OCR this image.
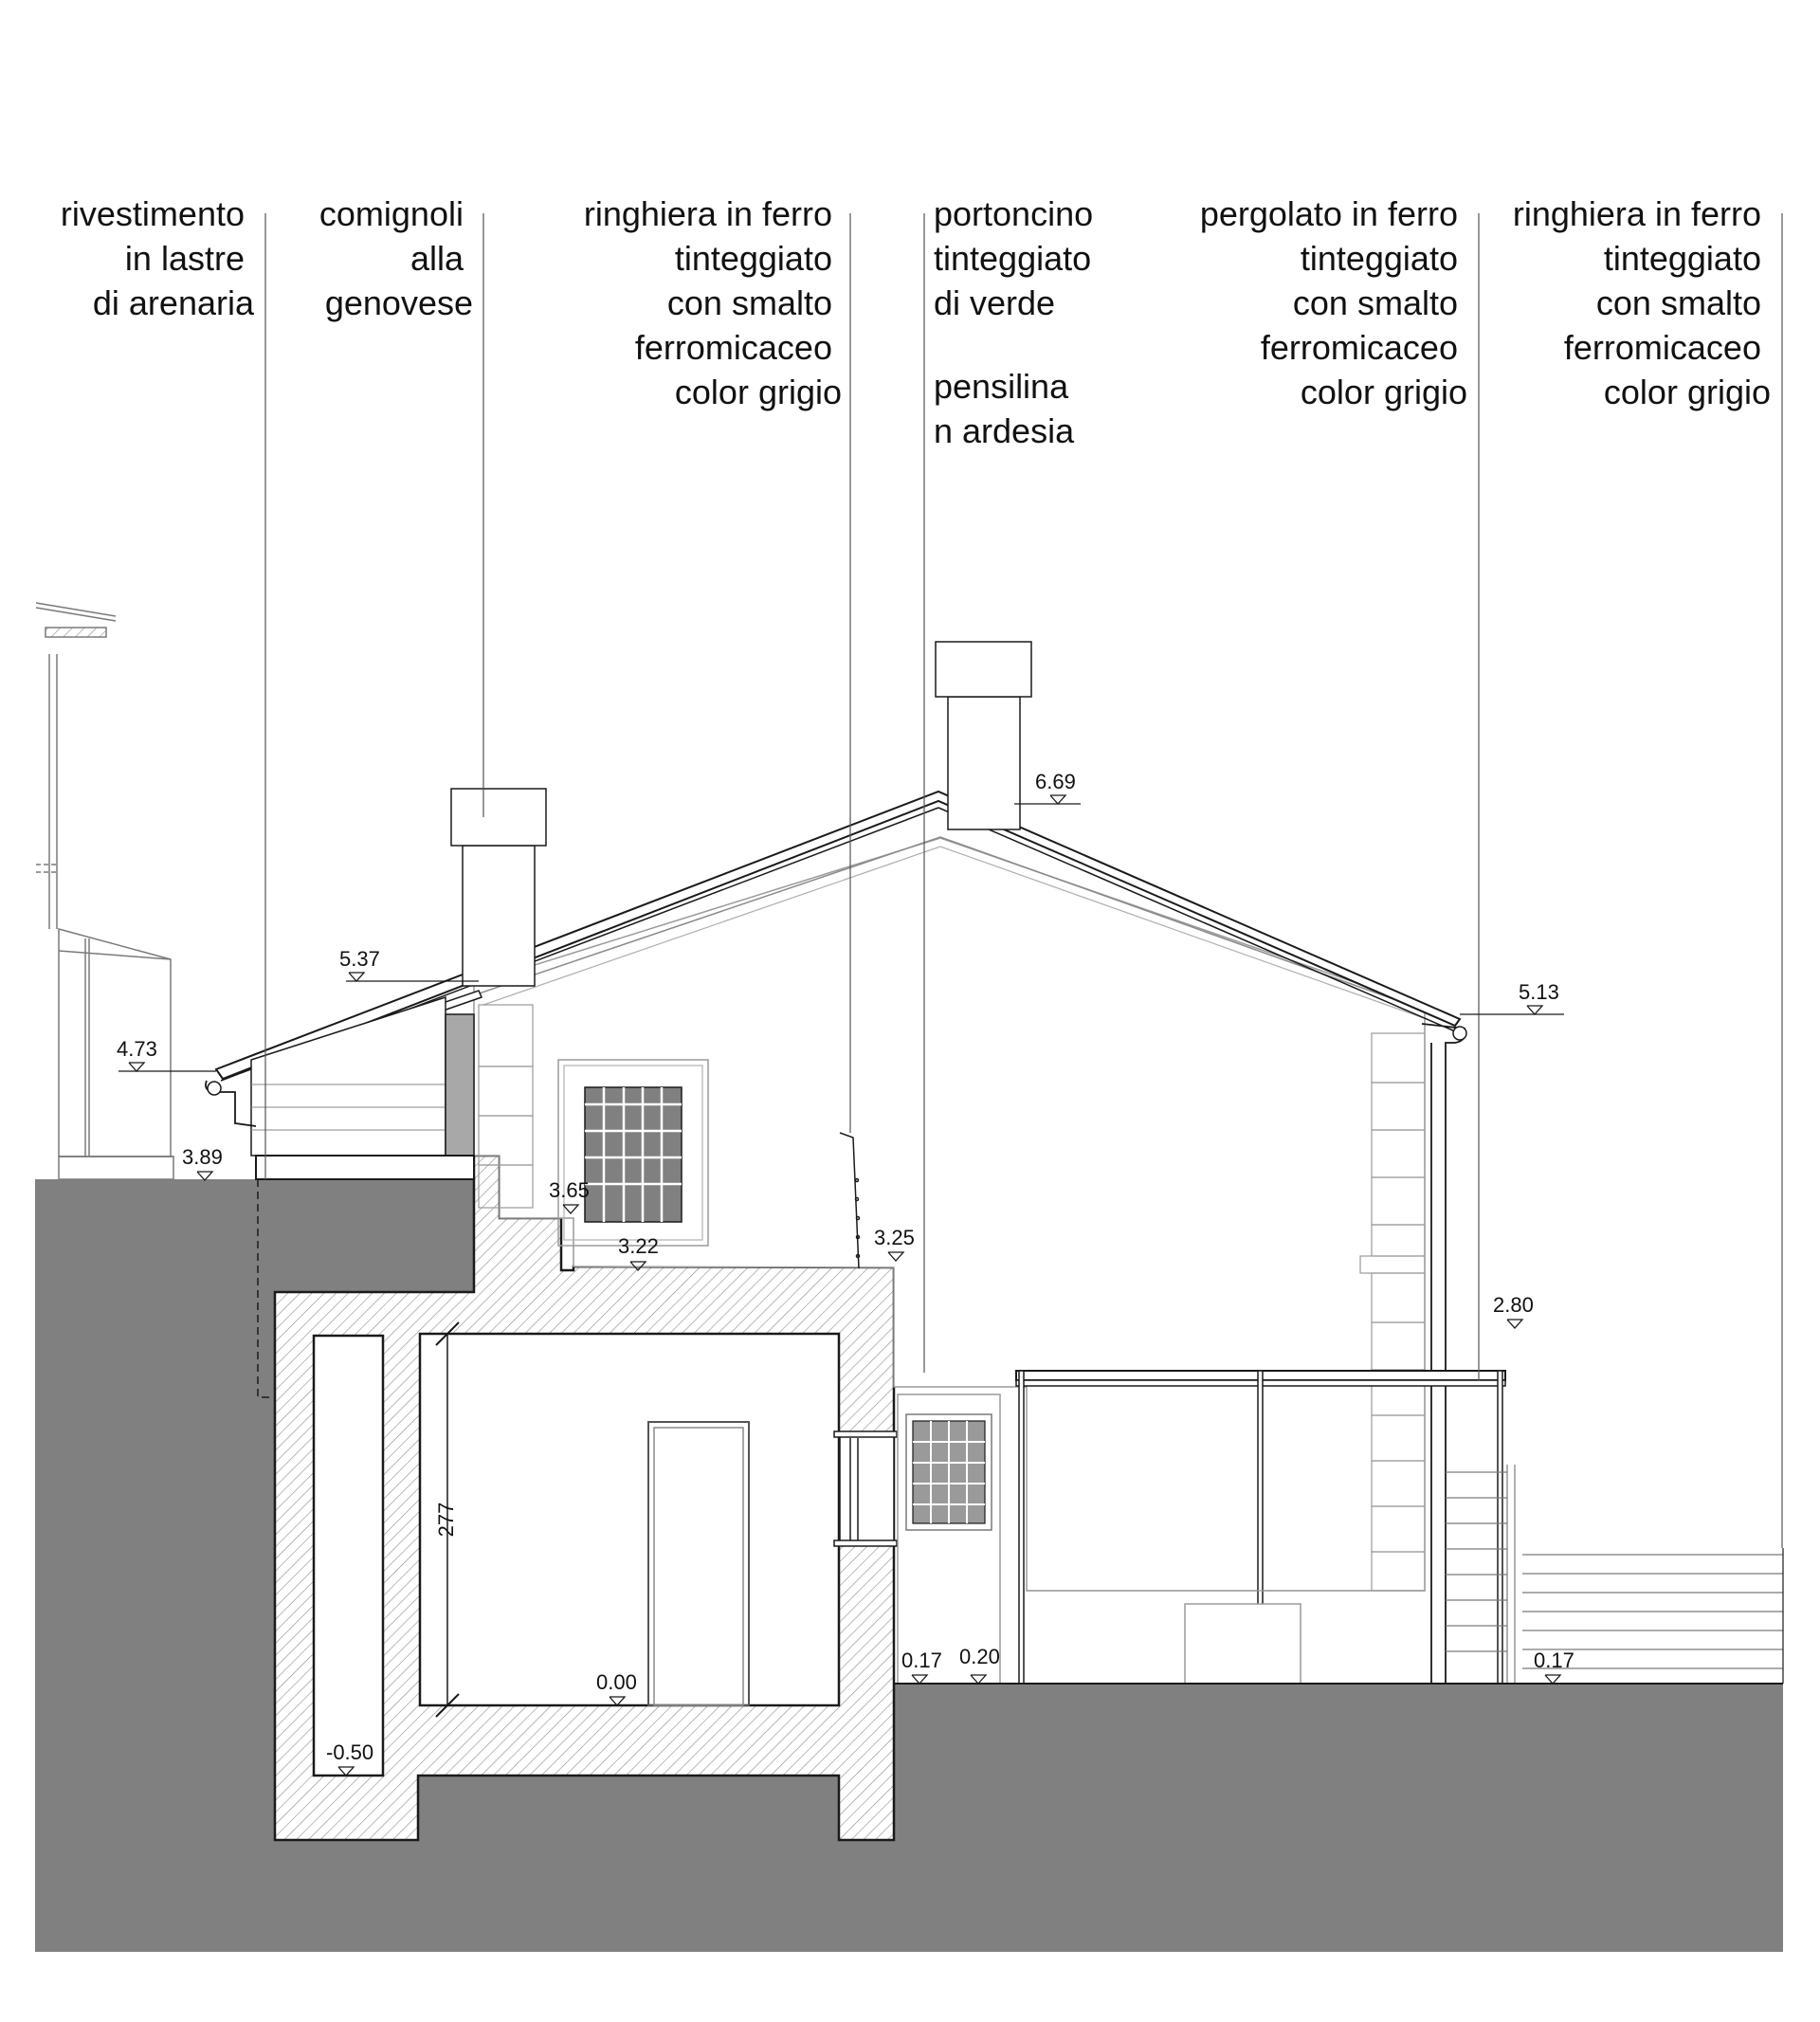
277
6.69
5.37
5.13
4.73
3.89
3.65
3.22	3.25
2.80
0.17 0.20	0.17
0.00
-0.50
rivestimento in lastre di arenaria
comignoli alla genovese
ringhiera in ferro tinteggiato con smalto ferromicaceo color grigio
portoncino tinteggiato di verde
pensilina n ardesia
pergolato in ferro tinteggiato con smalto ferromicaceo color grigio
ringhiera in ferro tinteggiato con smalto ferromicaceo color grigio
